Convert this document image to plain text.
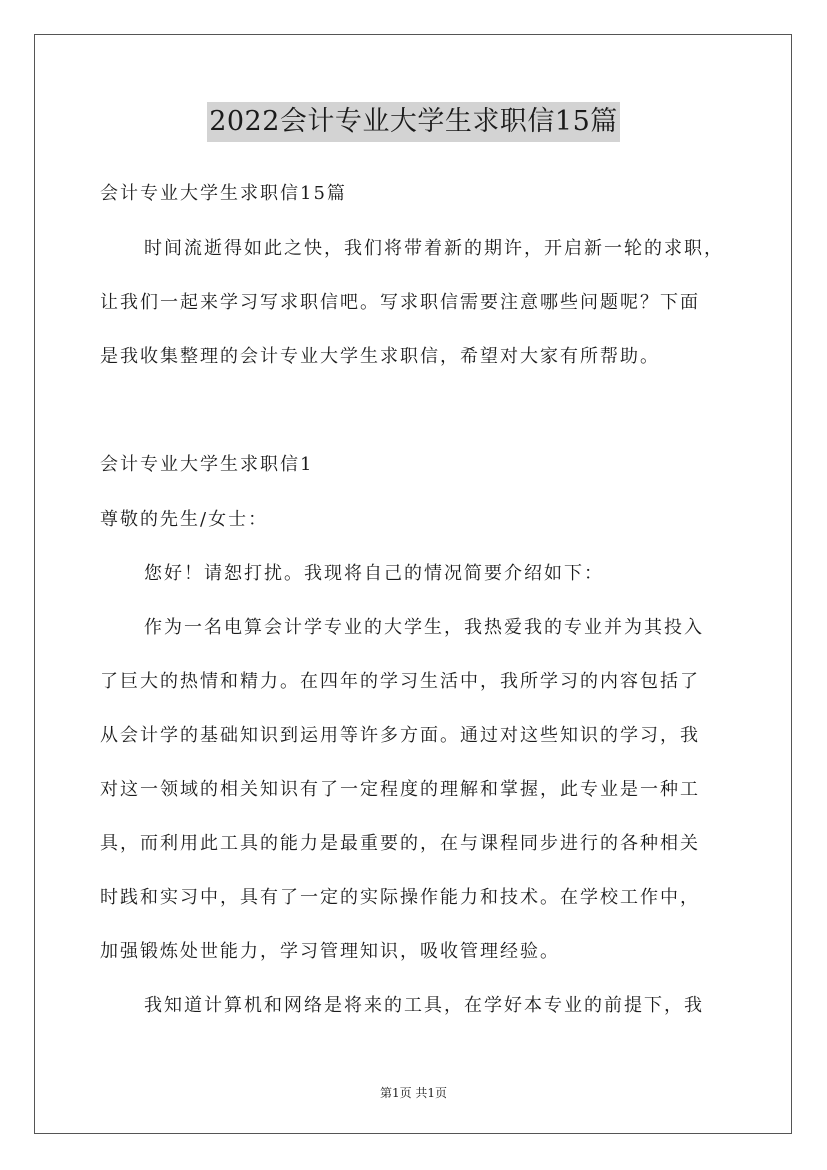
2022会计专业大学生求职信15篇
会计专业大学生求职信15篇
时间流逝得如此之快，我们将带着新的期许，开启新一轮的求职，
让我们一起来学习写求职信吧。写求职信需要注意哪些问题呢？下面
是我收集整理的会计专业大学生求职信，希望对大家有所帮助。
会计专业大学生求职信1
尊敬的先生/女士：
您好！请恕打扰。我现将自己的情况简要介绍如下：
作为一名电算会计学专业的大学生，我热爱我的专业并为其投入
了巨大的热情和精力。在四年的学习生活中，我所学习的内容包括了
从会计学的基础知识到运用等许多方面。通过对这些知识的学习，我
对这一领域的相关知识有了一定程度的理解和掌握，此专业是一种工
具，而利用此工具的能力是最重要的，在与课程同步进行的各种相关
时践和实习中，具有了一定的实际操作能力和技术。在学校工作中，
加强锻炼处世能力，学习管理知识，吸收管理经验。
我知道计算机和网络是将来的工具，在学好本专业的前提下，我
第1页 共1页
